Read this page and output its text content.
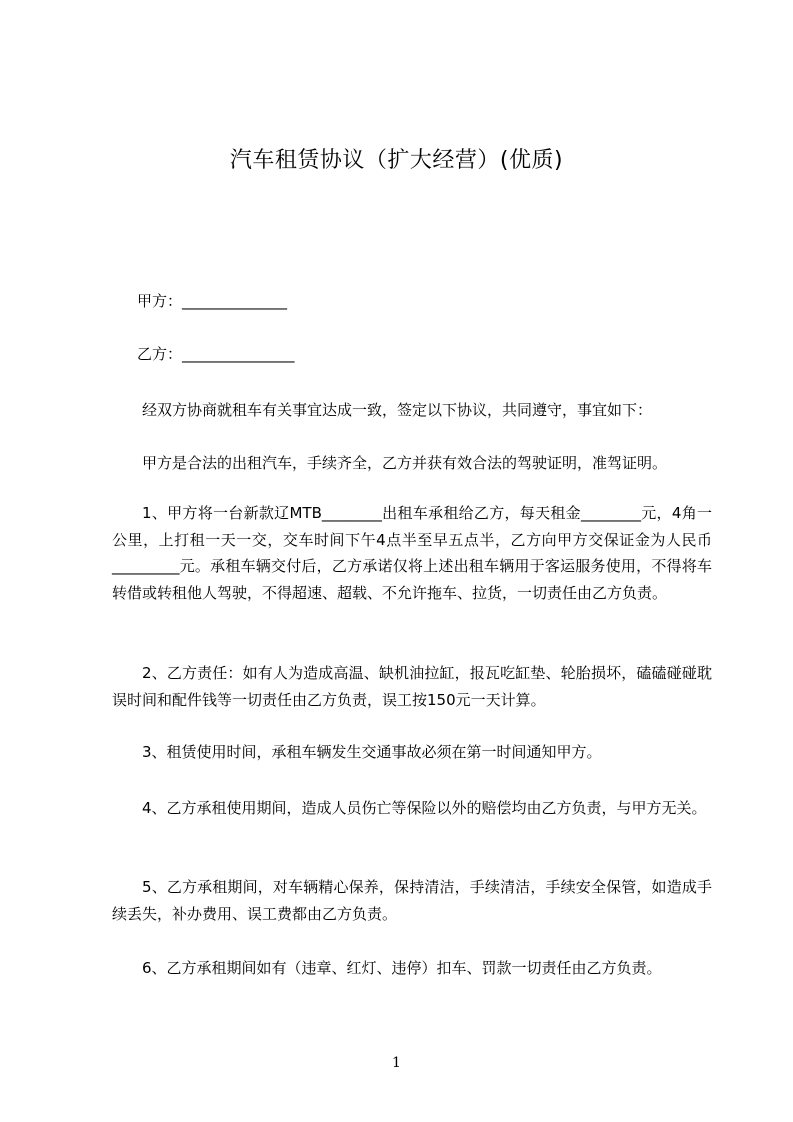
汽车租赁协议（扩大经营）(优质)
甲方：______________
乙方：_______________
经双方协商就租车有关事宜达成一致，签定以下协议，共同遵守，事宜如下：
甲方是合法的出租汽车，手续齐全，乙方并获有效合法的驾驶证明，准驾证明。
1、甲方将一台新款辽MTB________出租车承租给乙方，每天租金________元，4角一公里，上打租一天一交，交车时间下午4点半至早五点半，乙方向甲方交保证金为人民币_________元。承租车辆交付后，乙方承诺仅将上述出租车辆用于客运服务使用，不得将车转借或转租他人驾驶，不得超速、超载、不允许拖车、拉货，一切责任由乙方负责。
2、乙方责任：如有人为造成高温、缺机油拉缸，报瓦吃缸垫、轮胎损坏，磕磕碰碰耽误时间和配件钱等一切责任由乙方负责，误工按150元一天计算。
3、租赁使用时间，承租车辆发生交通事故必须在第一时间通知甲方。
4、乙方承租使用期间，造成人员伤亡等保险以外的赔偿均由乙方负责，与甲方无关。
5、乙方承租期间，对车辆精心保养，保持清洁，手续清洁，手续安全保管，如造成手续丢失，补办费用、误工费都由乙方负责。
6、乙方承租期间如有（违章、红灯、违停）扣车、罚款一切责任由乙方负责。
1
